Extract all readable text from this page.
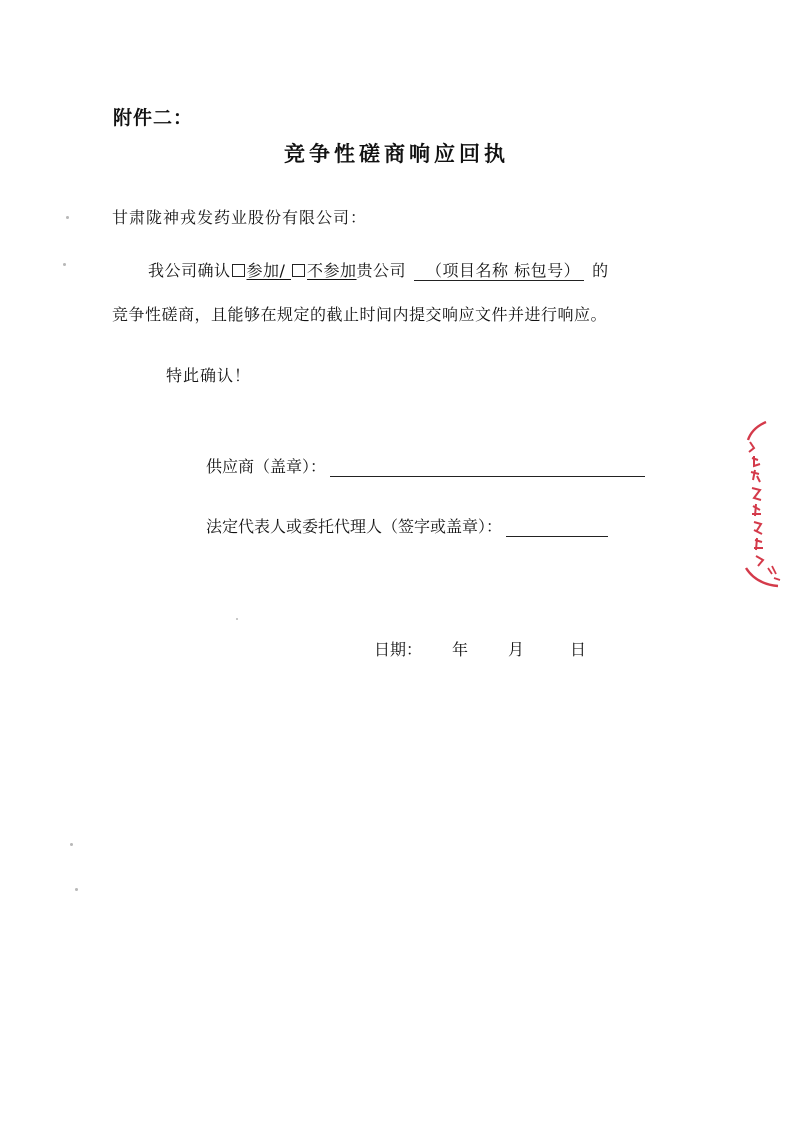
附件二：
竞争性磋商响应回执
甘肃陇神戎发药业股份有限公司：
我公司确认 参加/ 不参加贵公司 （项目名称 标包号） 的
竞争性磋商，且能够在规定的截止时间内提交响应文件并进行响应。
特此确认！
供应商（盖章）：
法定代表人或委托代理人（签字或盖章）：
日期： 年 月	日
